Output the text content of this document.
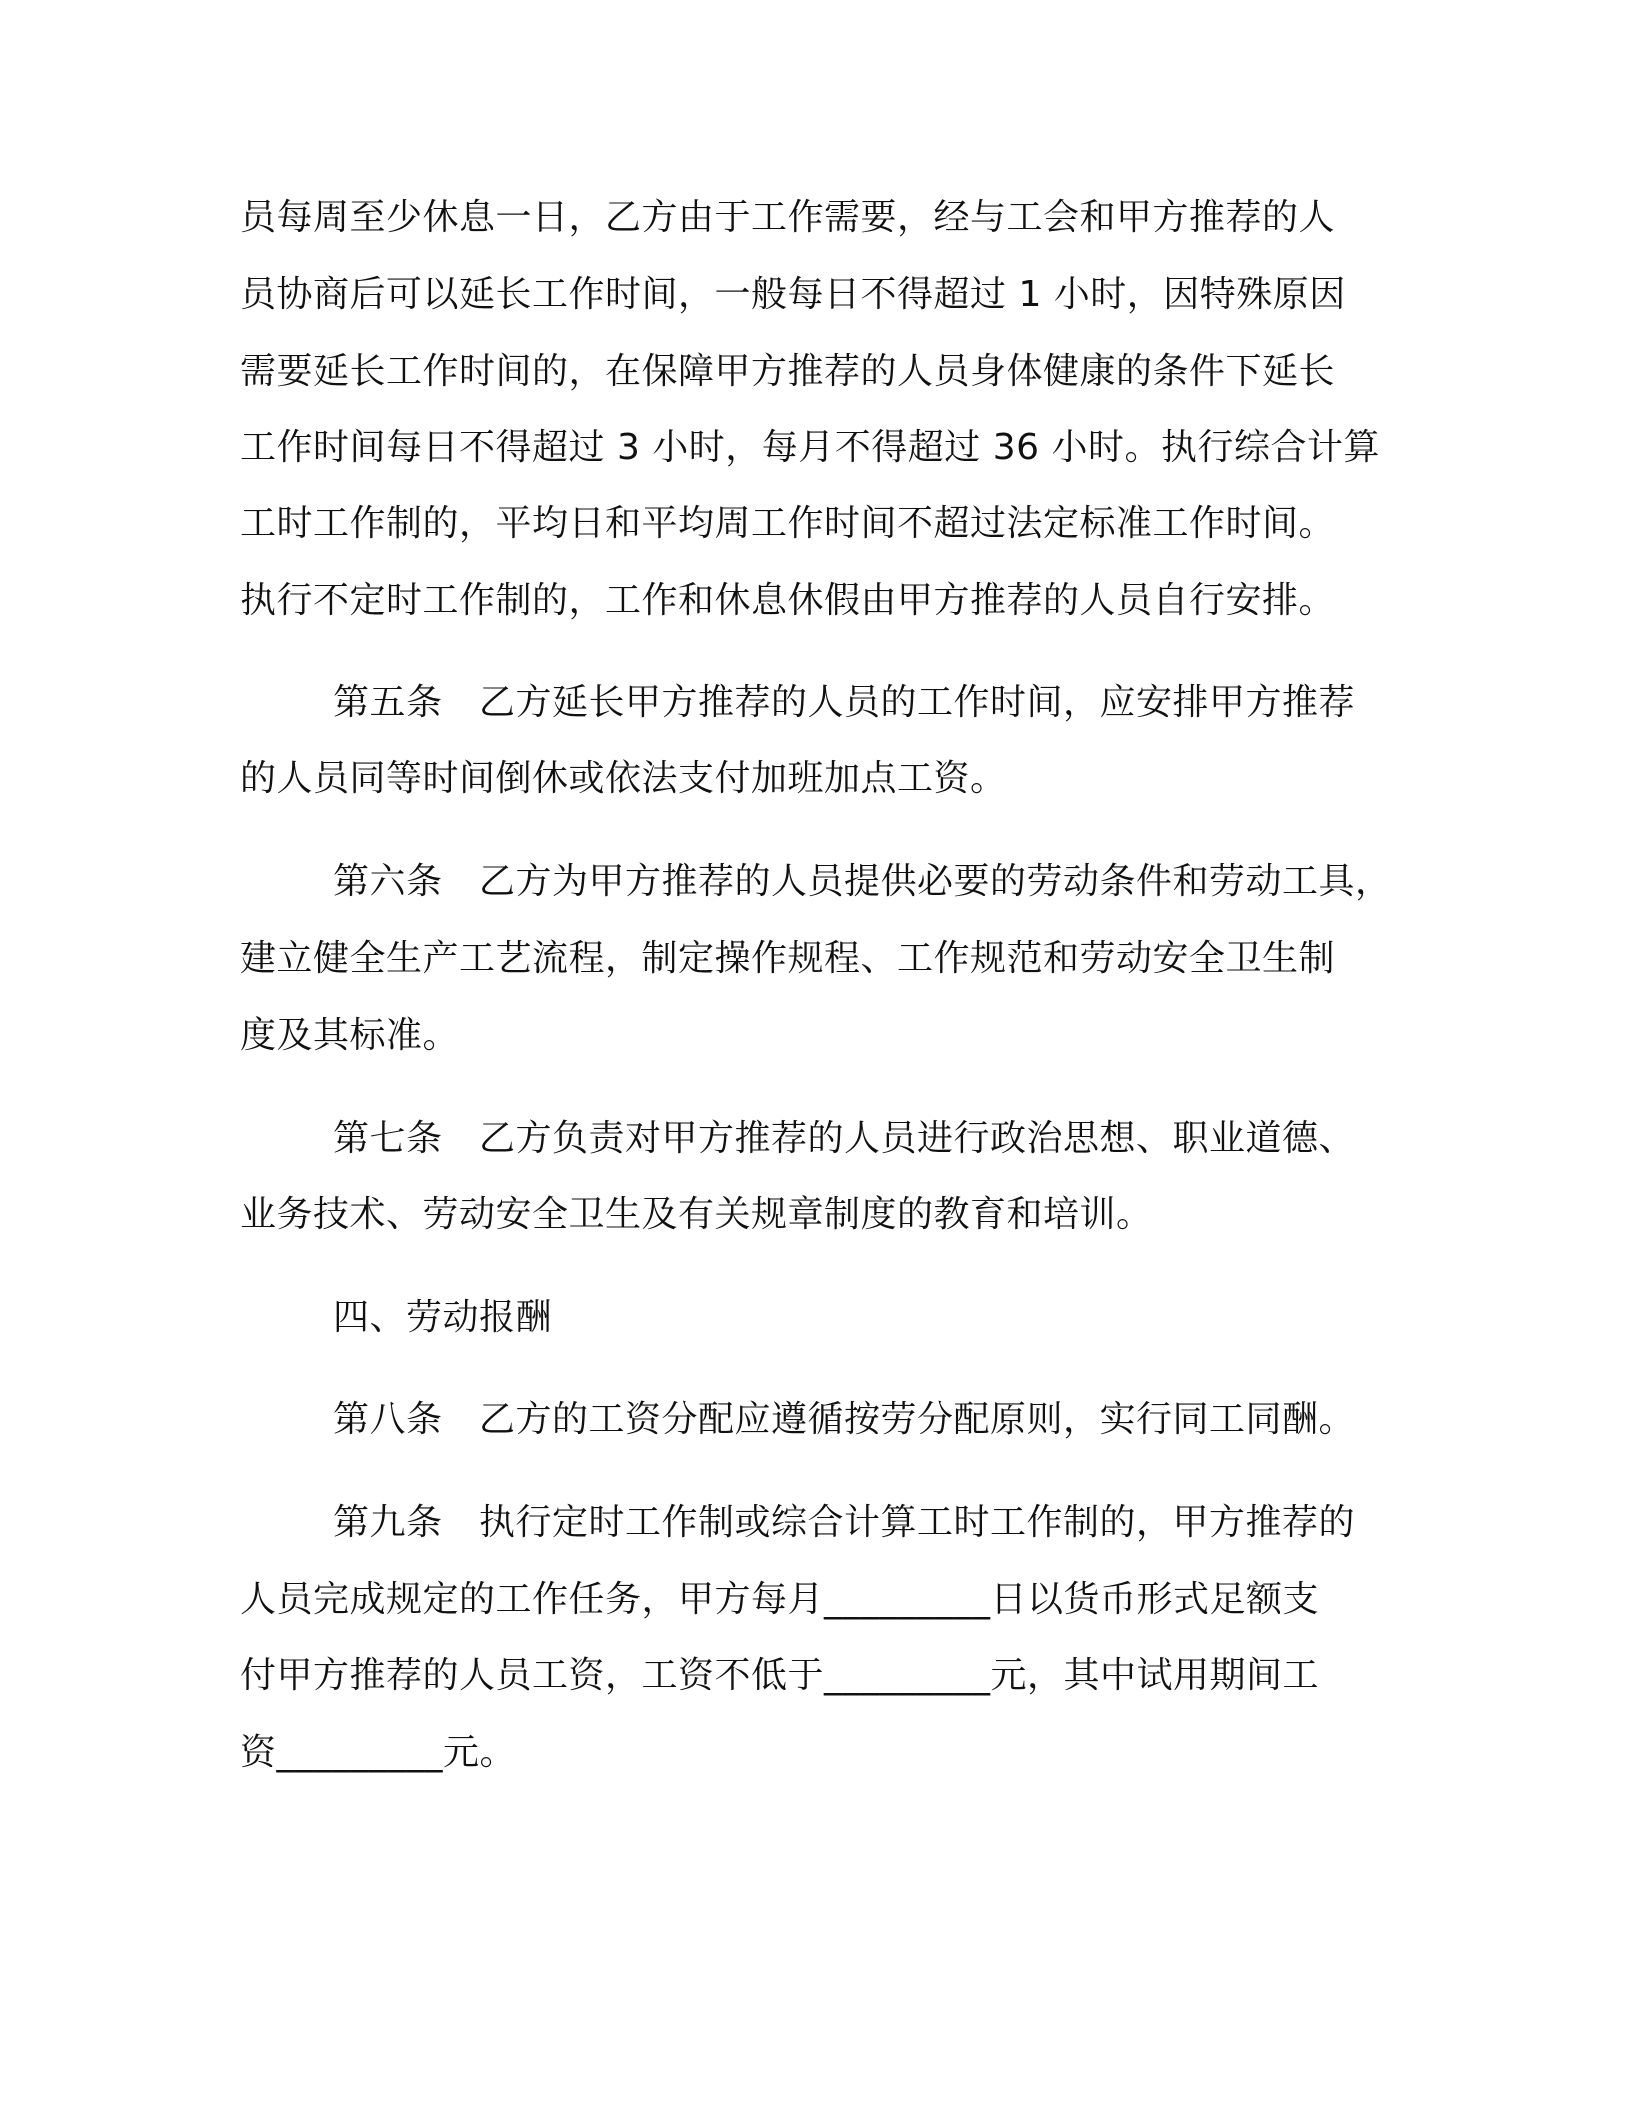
员每周至少休息一日，乙方由于工作需要，经与工会和甲方推荐的人
员协商后可以延长工作时间，一般每日不得超过 1 小时，因特殊原因
需要延长工作时间的，在保障甲方推荐的人员身体健康的条件下延长
工作时间每日不得超过 3 小时，每月不得超过 36 小时。执行综合计算
工时工作制的，平均日和平均周工作时间不超过法定标准工作时间。
执行不定时工作制的，工作和休息休假由甲方推荐的人员自行安排。
第五条　乙方延长甲方推荐的人员的工作时间，应安排甲方推荐
的人员同等时间倒休或依法支付加班加点工资。
第六条　乙方为甲方推荐的人员提供必要的劳动条件和劳动工具，
建立健全生产工艺流程，制定操作规程、工作规范和劳动安全卫生制
度及其标准。
第七条　乙方负责对甲方推荐的人员进行政治思想、职业道德、
业务技术、劳动安全卫生及有关规章制度的教育和培训。
四、劳动报酬
第八条　乙方的工资分配应遵循按劳分配原则，实行同工同酬。
第九条　执行定时工作制或综合计算工时工作制的，甲方推荐的
人员完成规定的工作任务，甲方每月_________日以货币形式足额支
付甲方推荐的人员工资，工资不低于_________元，其中试用期间工
资_________元。
